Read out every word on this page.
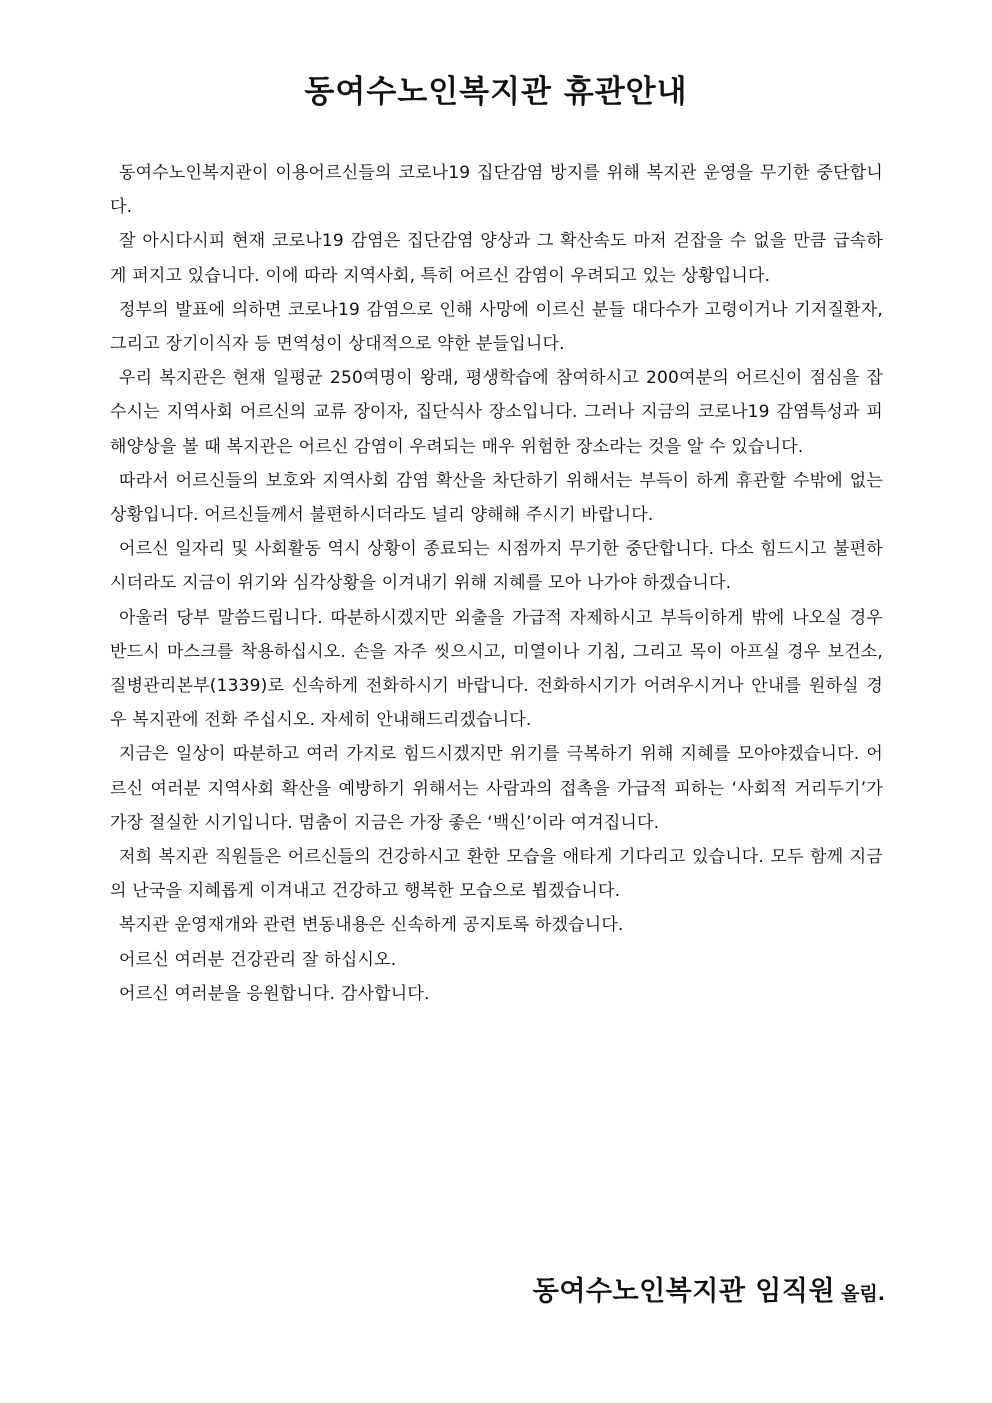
동여수노인복지관 휴관안내

동여수노인복지관이 이용어르신들의 코로나19 집단감염 방지를 위해 복지관 운영을 무기한 중단합니다.

잘 아시다시피 현재 코로나19 감염은 집단감염 양상과 그 확산속도 마저 걷잡을 수 없을 만큼 급속하게 퍼지고 있습니다. 이에 따라 지역사회, 특히 어르신 감염이 우려되고 있는 상황입니다.

정부의 발표에 의하면 코로나19 감염으로 인해 사망에 이르신 분들 대다수가 고령이거나 기저질환자, 그리고 장기이식자 등 면역성이 상대적으로 약한 분들입니다.

우리 복지관은 현재 일평균 250여명이 왕래, 평생학습에 참여하시고 200여분의 어르신이 점심을 잡수시는 지역사회 어르신의 교류 장이자, 집단식사 장소입니다. 그러나 지금의 코로나19 감염특성과 피해양상을 볼 때 복지관은 어르신 감염이 우려되는 매우 위험한 장소라는 것을 알 수 있습니다.

따라서 어르신들의 보호와 지역사회 감염 확산을 차단하기 위해서는 부득이 하게 휴관할 수밖에 없는 상황입니다. 어르신들께서 불편하시더라도 널리 양해해 주시기 바랍니다.

어르신 일자리 및 사회활동 역시 상황이 종료되는 시점까지 무기한 중단합니다. 다소 힘드시고 불편하시더라도 지금이 위기와 심각상황을 이겨내기 위해 지혜를 모아 나가야 하겠습니다.

아울러 당부 말씀드립니다. 따분하시겠지만 외출을 가급적 자제하시고 부득이하게 밖에 나오실 경우 반드시 마스크를 착용하십시오. 손을 자주 씻으시고, 미열이나 기침, 그리고 목이 아프실 경우 보건소, 질병관리본부(1339)로 신속하게 전화하시기 바랍니다. 전화하시기가 어려우시거나 안내를 원하실 경우 복지관에 전화 주십시오. 자세히 안내해드리겠습니다.

지금은 일상이 따분하고 여러 가지로 힘드시겠지만 위기를 극복하기 위해 지혜를 모아야겠습니다. 어르신 여러분 지역사회 확산을 예방하기 위해서는 사람과의 접촉을 가급적 피하는 ‘사회적 거리두기’가 가장 절실한 시기입니다. 멈춤이 지금은 가장 좋은 ‘백신’이라 여겨집니다.

저희 복지관 직원들은 어르신들의 건강하시고 환한 모습을 애타게 기다리고 있습니다. 모두 함께 지금의 난국을 지혜롭게 이겨내고 건강하고 행복한 모습으로 뵙겠습니다.

복지관 운영재개와 관련 변동내용은 신속하게 공지토록 하겠습니다.

어르신 여러분 건강관리 잘 하십시오.

어르신 여러분을 응원합니다. 감사합니다.

동여수노인복지관 임직원 올림.
